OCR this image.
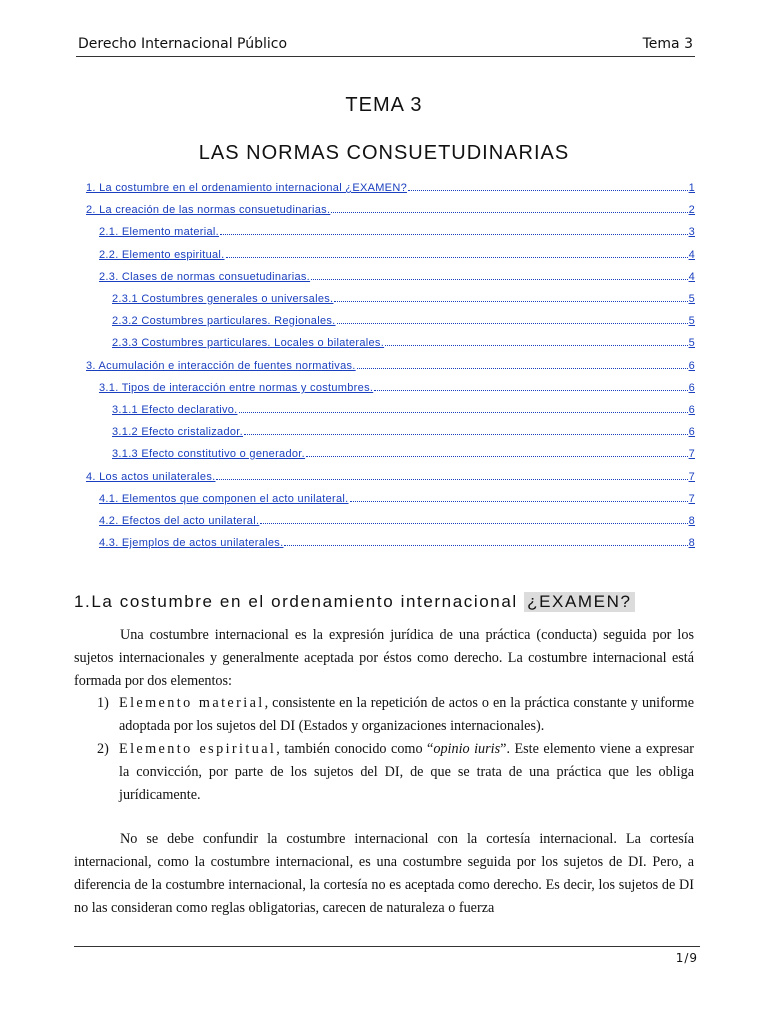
Derecho Internacional Público	Tema 3
TEMA 3
LAS NORMAS CONSUETUDINARIAS
1. La costumbre en el ordenamiento internacional ¿EXAMEN?	1
2. La creación de las normas consuetudinarias.	2
2.1. Elemento material.	3
2.2. Elemento espiritual.	4
2.3. Clases de normas consuetudinarias.	4
2.3.1 Costumbres generales o universales.	5
2.3.2 Costumbres particulares. Regionales.	5
2.3.3 Costumbres particulares. Locales o bilaterales.	5
3. Acumulación e interacción de fuentes normativas.	6
3.1. Tipos de interacción entre normas y costumbres.	6
3.1.1 Efecto declarativo.	6
3.1.2 Efecto cristalizador.	6
3.1.3 Efecto constitutivo o generador.	7
4. Los actos unilaterales.	7
4.1. Elementos que componen el acto unilateral.	7
4.2. Efectos del acto unilateral.	8
4.3. Ejemplos de actos unilaterales.	8
1.La costumbre en el ordenamiento internacional ¿EXAMEN?
Una costumbre internacional es la expresión jurídica de una práctica (conducta) seguida por los sujetos internacionales y generalmente aceptada por éstos como derecho. La costumbre internacional está formada por dos elementos:
1) Elemento material, consistente en la repetición de actos o en la práctica constante y uniforme adoptada por los sujetos del DI (Estados y organizaciones internacionales).
2) Elemento espiritual, también conocido como “opinio iuris”. Este elemento viene a expresar la convicción, por parte de los sujetos del DI, de que se trata de una práctica que les obliga jurídicamente.
No se debe confundir la costumbre internacional con la cortesía internacional. La cortesía internacional, como la costumbre internacional, es una costumbre seguida por los sujetos de DI. Pero, a diferencia de la costumbre internacional, la cortesía no es aceptada como derecho. Es decir, los sujetos de DI no las consideran como reglas obligatorias, carecen de naturaleza o fuerza
1/9
